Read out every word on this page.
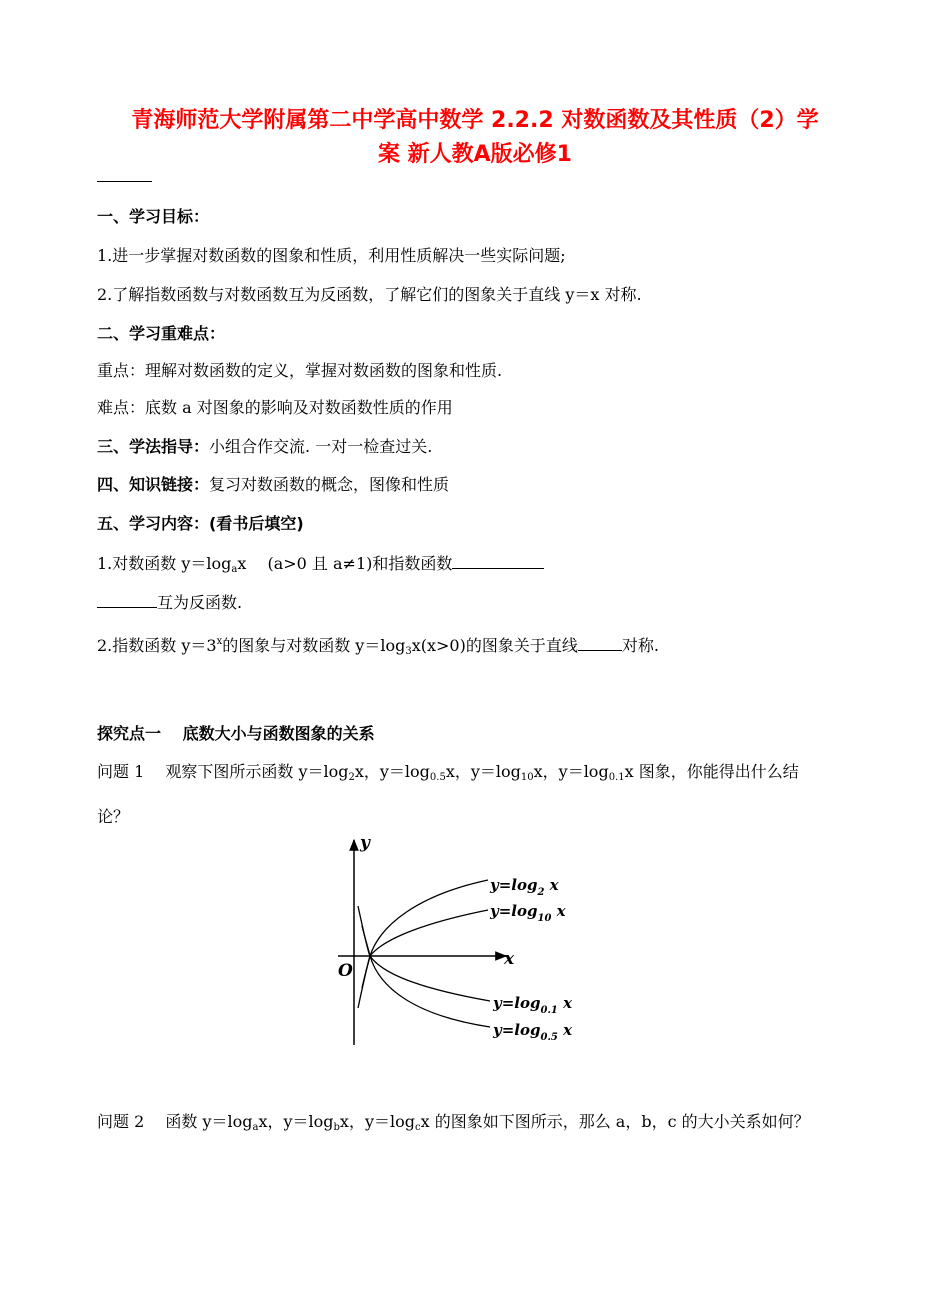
青海师范大学附属第二中学高中数学 2.2.2 对数函数及其性质（2）学
案 新人教A版必修1
一、学习目标：
1.进一步掌握对数函数的图象和性质，利用性质解决一些实际问题;
2.了解指数函数与对数函数互为反函数，了解它们的图象关于直线 y＝x 对称.
二、学习重难点：
重点：理解对数函数的定义，掌握对数函数的图象和性质.
难点：底数 a 对图象的影响及对数函数性质的作用
三、学法指导：小组合作交流. 一对一检查过关.
四、知识链接：复习对数函数的概念，图像和性质
五、学习内容：(看书后填空)
1.对数函数 $y=\log_ax$　 (a>0 且 a≠1)和指数函数
互为反函数.
2.指数函数 $y=3^x$的图象与对数函数 $y=\log_3x(x>0)$的图象关于直线	对称.
探究点一　 底数大小与函数图象的关系
问题 1　 观察下图所示函数 $y=\log_2x$，$y=\log_{0.5}x$，$y=\log_{10}x$，$y=\log_{0.1}x$ 图象，你能得出什么结
论？
y
x
O
$y=\log_2$ x
$y=\log_{10}$ x
$y=\log_{0.1}$ x
$y=\log_{0.5}$ x
问题 2　 函数 $y=\log_ax$，$y=\log_bx$，$y=\log_cx$ 的图象如下图所示，那么 a，b，c 的大小关系如何？
